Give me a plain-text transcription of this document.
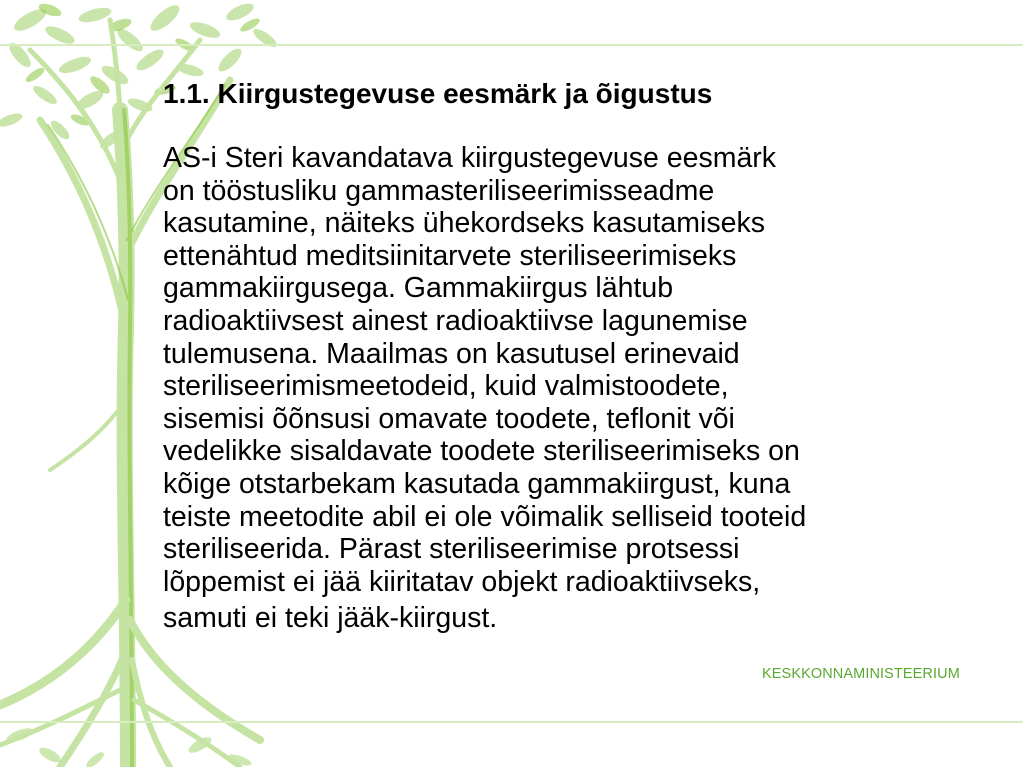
1.1. Kiirgustegevuse eesmärk ja õigustus
AS-i Steri kavandatava kiirgustegevuse eesmärk
on tööstusliku gammasteriliseerimisseadme
kasutamine, näiteks ühekordseks kasutamiseks
ettenähtud meditsiinitarvete steriliseerimiseks
gammakiirgusega. Gammakiirgus lähtub
radioaktiivsest ainest radioaktiivse lagunemise
tulemusena. Maailmas on kasutusel erinevaid
steriliseerimismeetodeid, kuid valmistoodete,
sisemisi õõnsusi omavate toodete, teflonit või
vedelikke sisaldavate toodete steriliseerimiseks on
kõige otstarbekam kasutada gammakiirgust, kuna
teiste meetodite abil ei ole võimalik selliseid tooteid
steriliseerida. Pärast steriliseerimise protsessi
lõppemist ei jää kiiritatav objekt radioaktiivseks,
samuti ei teki jääk-kiirgust.
KESKKONNAMINISTEERIUM
